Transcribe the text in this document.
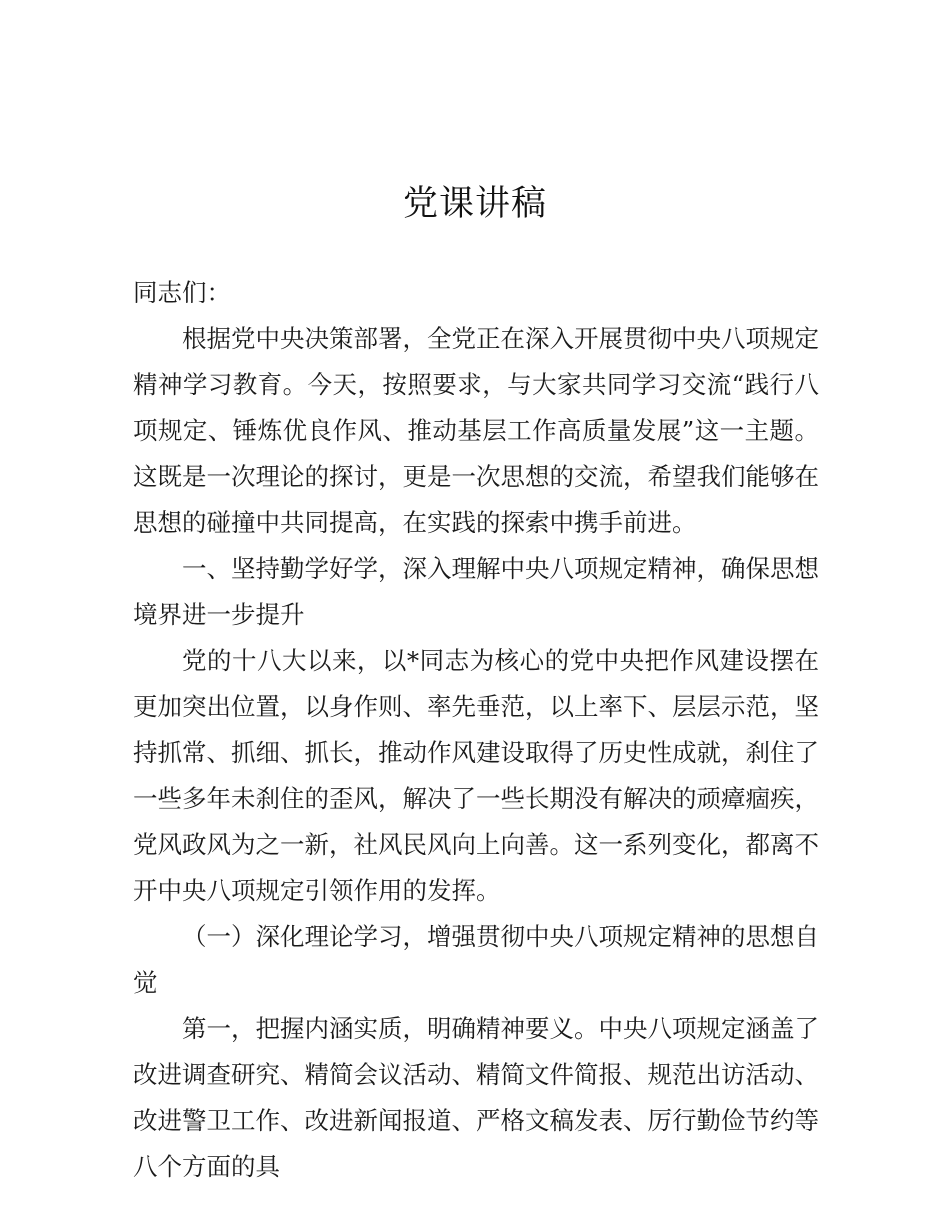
党课讲稿

同志们：

根据党中央决策部署，全党正在深入开展贯彻中央八项规定精神学习教育。今天，按照要求，与大家共同学习交流“践行八项规定、锤炼优良作风、推动基层工作高质量发展”这一主题。这既是一次理论的探讨，更是一次思想的交流，希望我们能够在思想的碰撞中共同提高，在实践的探索中携手前进。

一、坚持勤学好学，深入理解中央八项规定精神，确保思想境界进一步提升

党的十八大以来，以*同志为核心的党中央把作风建设摆在更加突出位置，以身作则、率先垂范，以上率下、层层示范，坚持抓常、抓细、抓长，推动作风建设取得了历史性成就，刹住了一些多年未刹住的歪风，解决了一些长期没有解决的顽瘴痼疾，党风政风为之一新，社风民风向上向善。这一系列变化，都离不开中央八项规定引领作用的发挥。

（一）深化理论学习，增强贯彻中央八项规定精神的思想自觉

第一，把握内涵实质，明确精神要义。中央八项规定涵盖了改进调查研究、精简会议活动、精简文件简报、规范出访活动、改进警卫工作、改进新闻报道、严格文稿发表、厉行勤俭节约等八个方面的具
